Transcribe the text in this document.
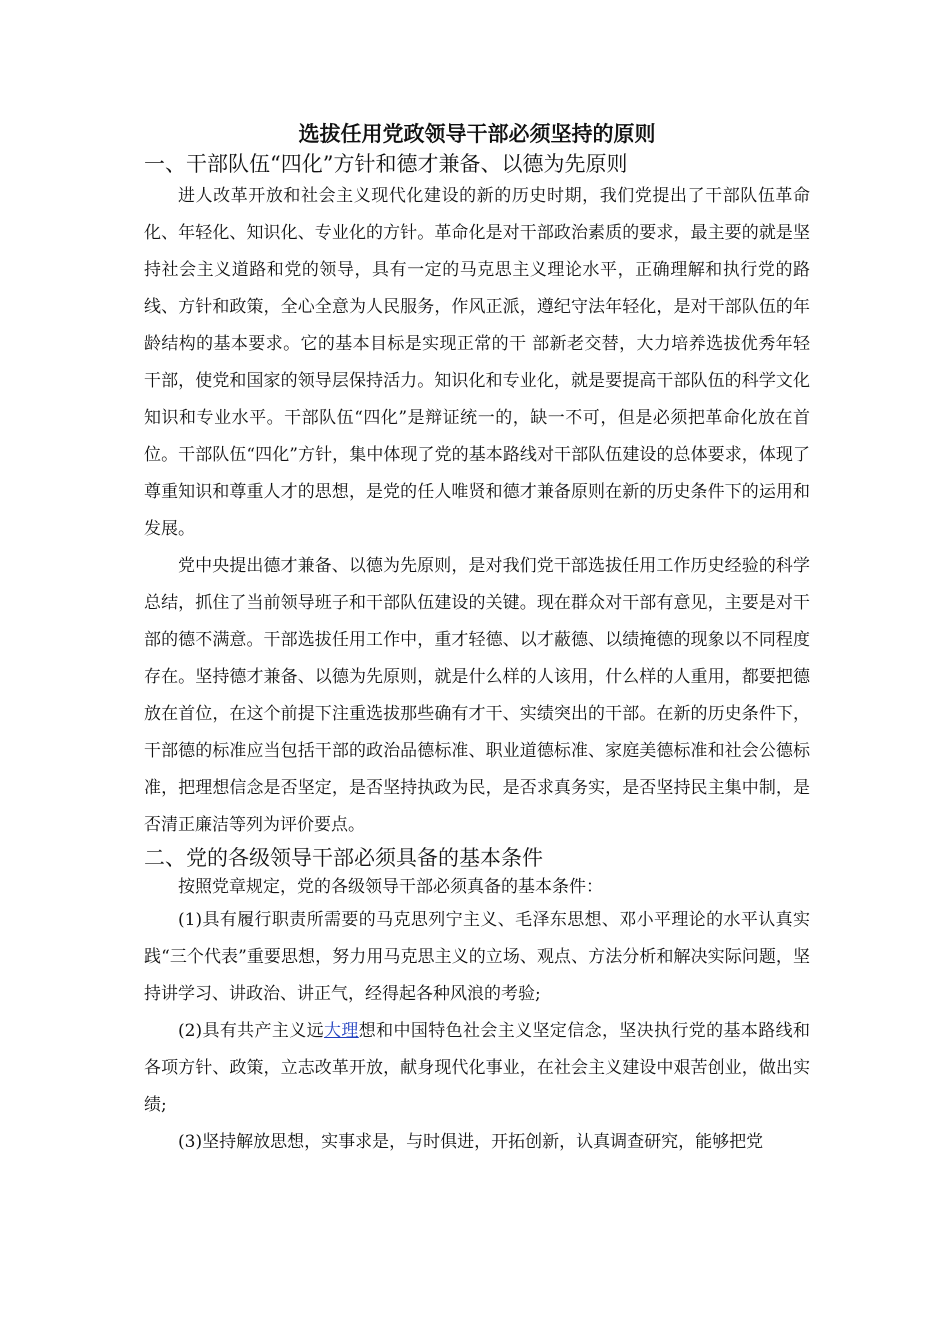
选拔任用党政领导干部必须坚持的原则
一、干部队伍“四化”方针和德才兼备、以德为先原则

进人改革开放和社会主义现代化建设的新的历史时期，我们党提出了干部队伍革命化、年轻化、知识化、专业化的方针。革命化是对干部政治素质的要求，最主要的就是坚持社会主义道路和党的领导，具有一定的马克思主义理论水平，正确理解和执行党的路线、方针和政策，全心全意为人民服务，作风正派，遵纪守法年轻化，是对干部队伍的年龄结构的基本要求。它的基本目标是实现正常的干 部新老交替，大力培养选拔优秀年轻干部，使党和国家的领导层保持活力。知识化和专业化，就是要提高干部队伍的科学文化知识和专业水平。干部队伍“四化”是辩证统一的，缺一不可，但是必须把革命化放在首位。干部队伍“四化”方针，集中体现了党的基本路线对干部队伍建设的总体要求，体现了尊重知识和尊重人才的思想，是党的任人唯贤和德才兼备原则在新的历史条件下的运用和发展。

党中央提出德才兼备、以德为先原则，是对我们党干部选拔任用工作历史经验的科学总结，抓住了当前领导班子和干部队伍建设的关键。现在群众对干部有意见，主要是对干部的德不满意。干部选拔任用工作中，重才轻德、以才蔽德、以绩掩德的现象以不同程度存在。坚持德才兼备、以德为先原则，就是什么样的人该用，什么样的人重用，都要把德放在首位，在这个前提下注重选拔那些确有才干、实绩突出的干部。在新的历史条件下，干部德的标准应当包括干部的政治品德标准、职业道德标准、家庭美德标准和社会公德标准，把理想信念是否坚定，是否坚持执政为民，是否求真务实，是否坚持民主集中制，是否清正廉洁等列为评价要点。

二、党的各级领导干部必须具备的基本条件

按照党章规定，党的各级领导干部必须真备的基本条件：

(1)具有履行职责所需要的马克思列宁主义、毛泽东思想、邓小平理论的水平认真实践“三个代表”重要思想，努力用马克思主义的立场、观点、方法分析和解决实际问题，坚持讲学习、讲政治、讲正气，经得起各种风浪的考验;

(2)具有共产主义远大理想和中国特色社会主义坚定信念，坚决执行党的基本路线和各项方针、政策，立志改革开放，献身现代化事业，在社会主义建设中艰苦创业，做出实绩;

(3)坚持解放思想，实事求是，与时俱进，开拓创新，认真调查研究，能够把党
